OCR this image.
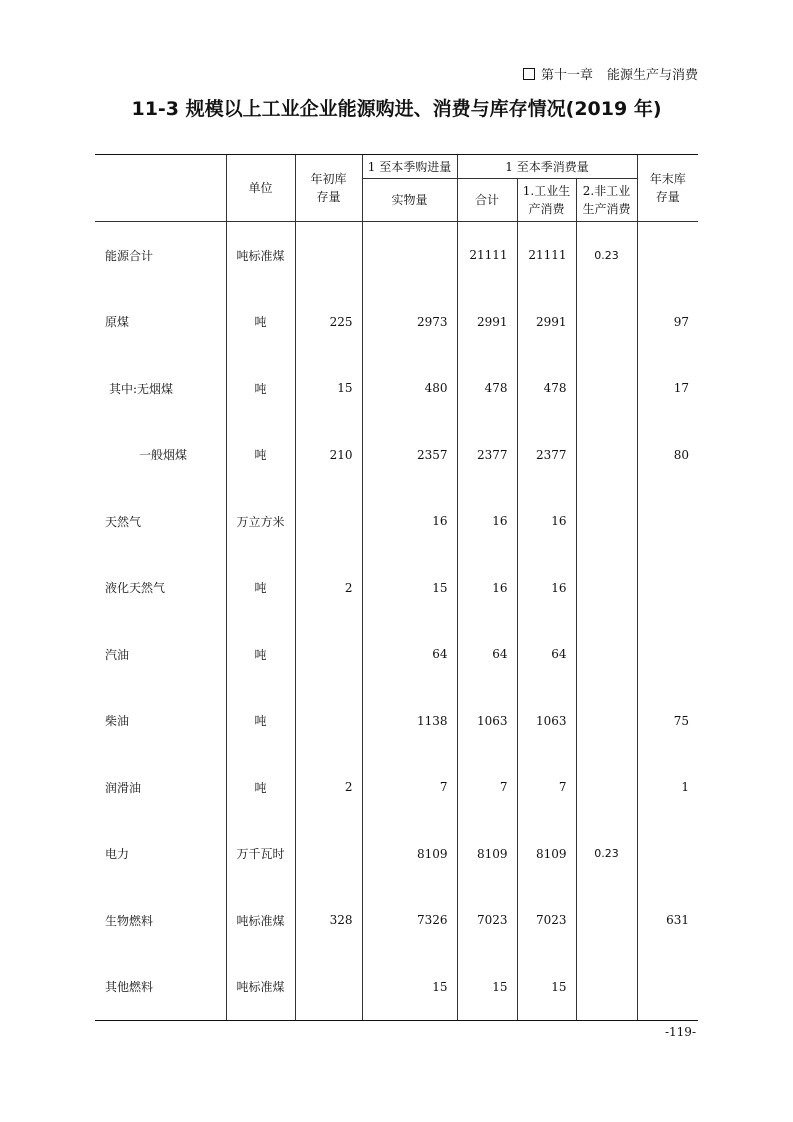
第十一章 能源生产与消费
11-3 规模以上工业企业能源购进、消费与库存情况(2019 年)
	单位	年初库存量	1 至本季购进量	1 至本季消费量			年末库存量
			实物量	合计	1.工业生产消费	2.非工业生产消费	
能源合计	吨标准煤			21111	21111	0.23	
原煤	吨	225	2973	2991	2991		97
其中:无烟煤	吨	15	480	478	478		17
一般烟煤	吨	210	2357	2377	2377		80
天然气	万立方米		16	16	16		
液化天然气	吨	2	15	16	16		
汽油	吨		64	64	64		
柴油	吨		1138	1063	1063		75
润滑油	吨	2	7	7	7		1
电力	万千瓦时		8109	8109	8109	0.23	
生物燃料	吨标准煤	328	7326	7023	7023		631
其他燃料	吨标准煤		15	15	15		
-119-
